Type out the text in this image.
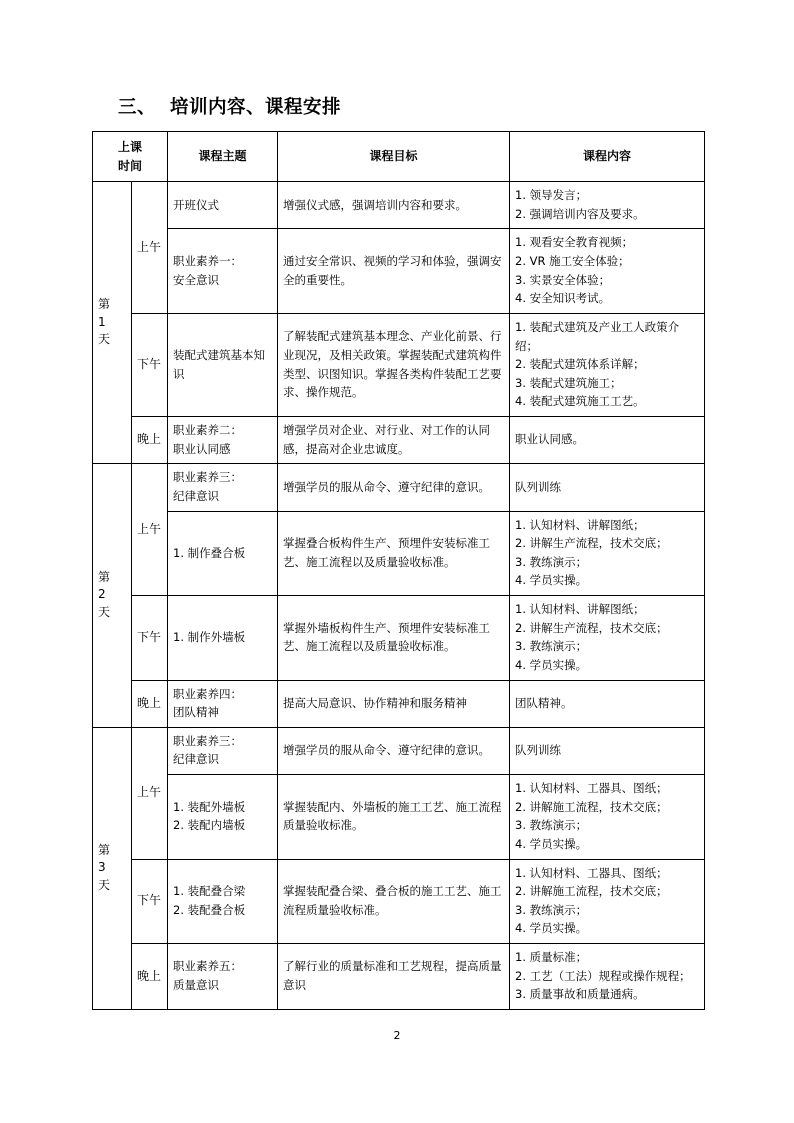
三、 培训内容、课程安排
上课
时间		课程主题	课程目标	课程内容

第
1
天	上午	开班仪式	增强仪式感，强调培训内容和要求。	1. 领导发言；
2. 强调培训内容及要求。

		职业素养一：
安全意识	通过安全常识、视频的学习和体验，强调安
全的重要性。	1. 观看安全教育视频；
2. VR 施工安全体验；
3. 实景安全体验；
4. 安全知识考试。

	下午	装配式建筑基本知
识	了解装配式建筑基本理念、产业化前景、行
业现况，及相关政策。掌握装配式建筑构件
类型、识图知识。掌握各类构件装配工艺要
求、操作规范。	1. 装配式建筑及产业工人政策介绍；
2. 装配式建筑体系详解；
3. 装配式建筑施工；
4. 装配式建筑施工工艺。

	晚上	职业素养二：
职业认同感	增强学员对企业、对行业、对工作的认同
感，提高对企业忠诚度。	职业认同感。

第
2
天	上午	职业素养三：
纪律意识	增强学员的服从命令、遵守纪律的意识。	队列训练

		1. 制作叠合板	掌握叠合板构件生产、预埋件安装标准工
艺、施工流程以及质量验收标准。	1. 认知材料、讲解图纸；
2. 讲解生产流程，技术交底；
3. 教练演示；
4. 学员实操。

	下午	1. 制作外墙板	掌握外墙板构件生产、预埋件安装标准工
艺、施工流程以及质量验收标准。	1. 认知材料、讲解图纸；
2. 讲解生产流程，技术交底；
3. 教练演示；
4. 学员实操。

	晚上	职业素养四：
团队精神	提高大局意识、协作精神和服务精神	团队精神。

第
3
天	上午	职业素养三：
纪律意识	增强学员的服从命令、遵守纪律的意识。	队列训练

		1. 装配外墙板
2. 装配内墙板	掌握装配内、外墙板的施工工艺、施工流程
质量验收标准。	1. 认知材料、工器具、图纸；
2. 讲解施工流程，技术交底；
3. 教练演示；
4. 学员实操。

	下午	1. 装配叠合梁
2. 装配叠合板	掌握装配叠合梁、叠合板的施工工艺、施工
流程质量验收标准。	1. 认知材料、工器具、图纸；
2. 讲解施工流程，技术交底；
3. 教练演示；
4. 学员实操。

	晚上	职业素养五：
质量意识	了解行业的质量标准和工艺规程，提高质量
意识	1. 质量标准；
2. 工艺（工法）规程或操作规程；
3. 质量事故和质量通病。
2
